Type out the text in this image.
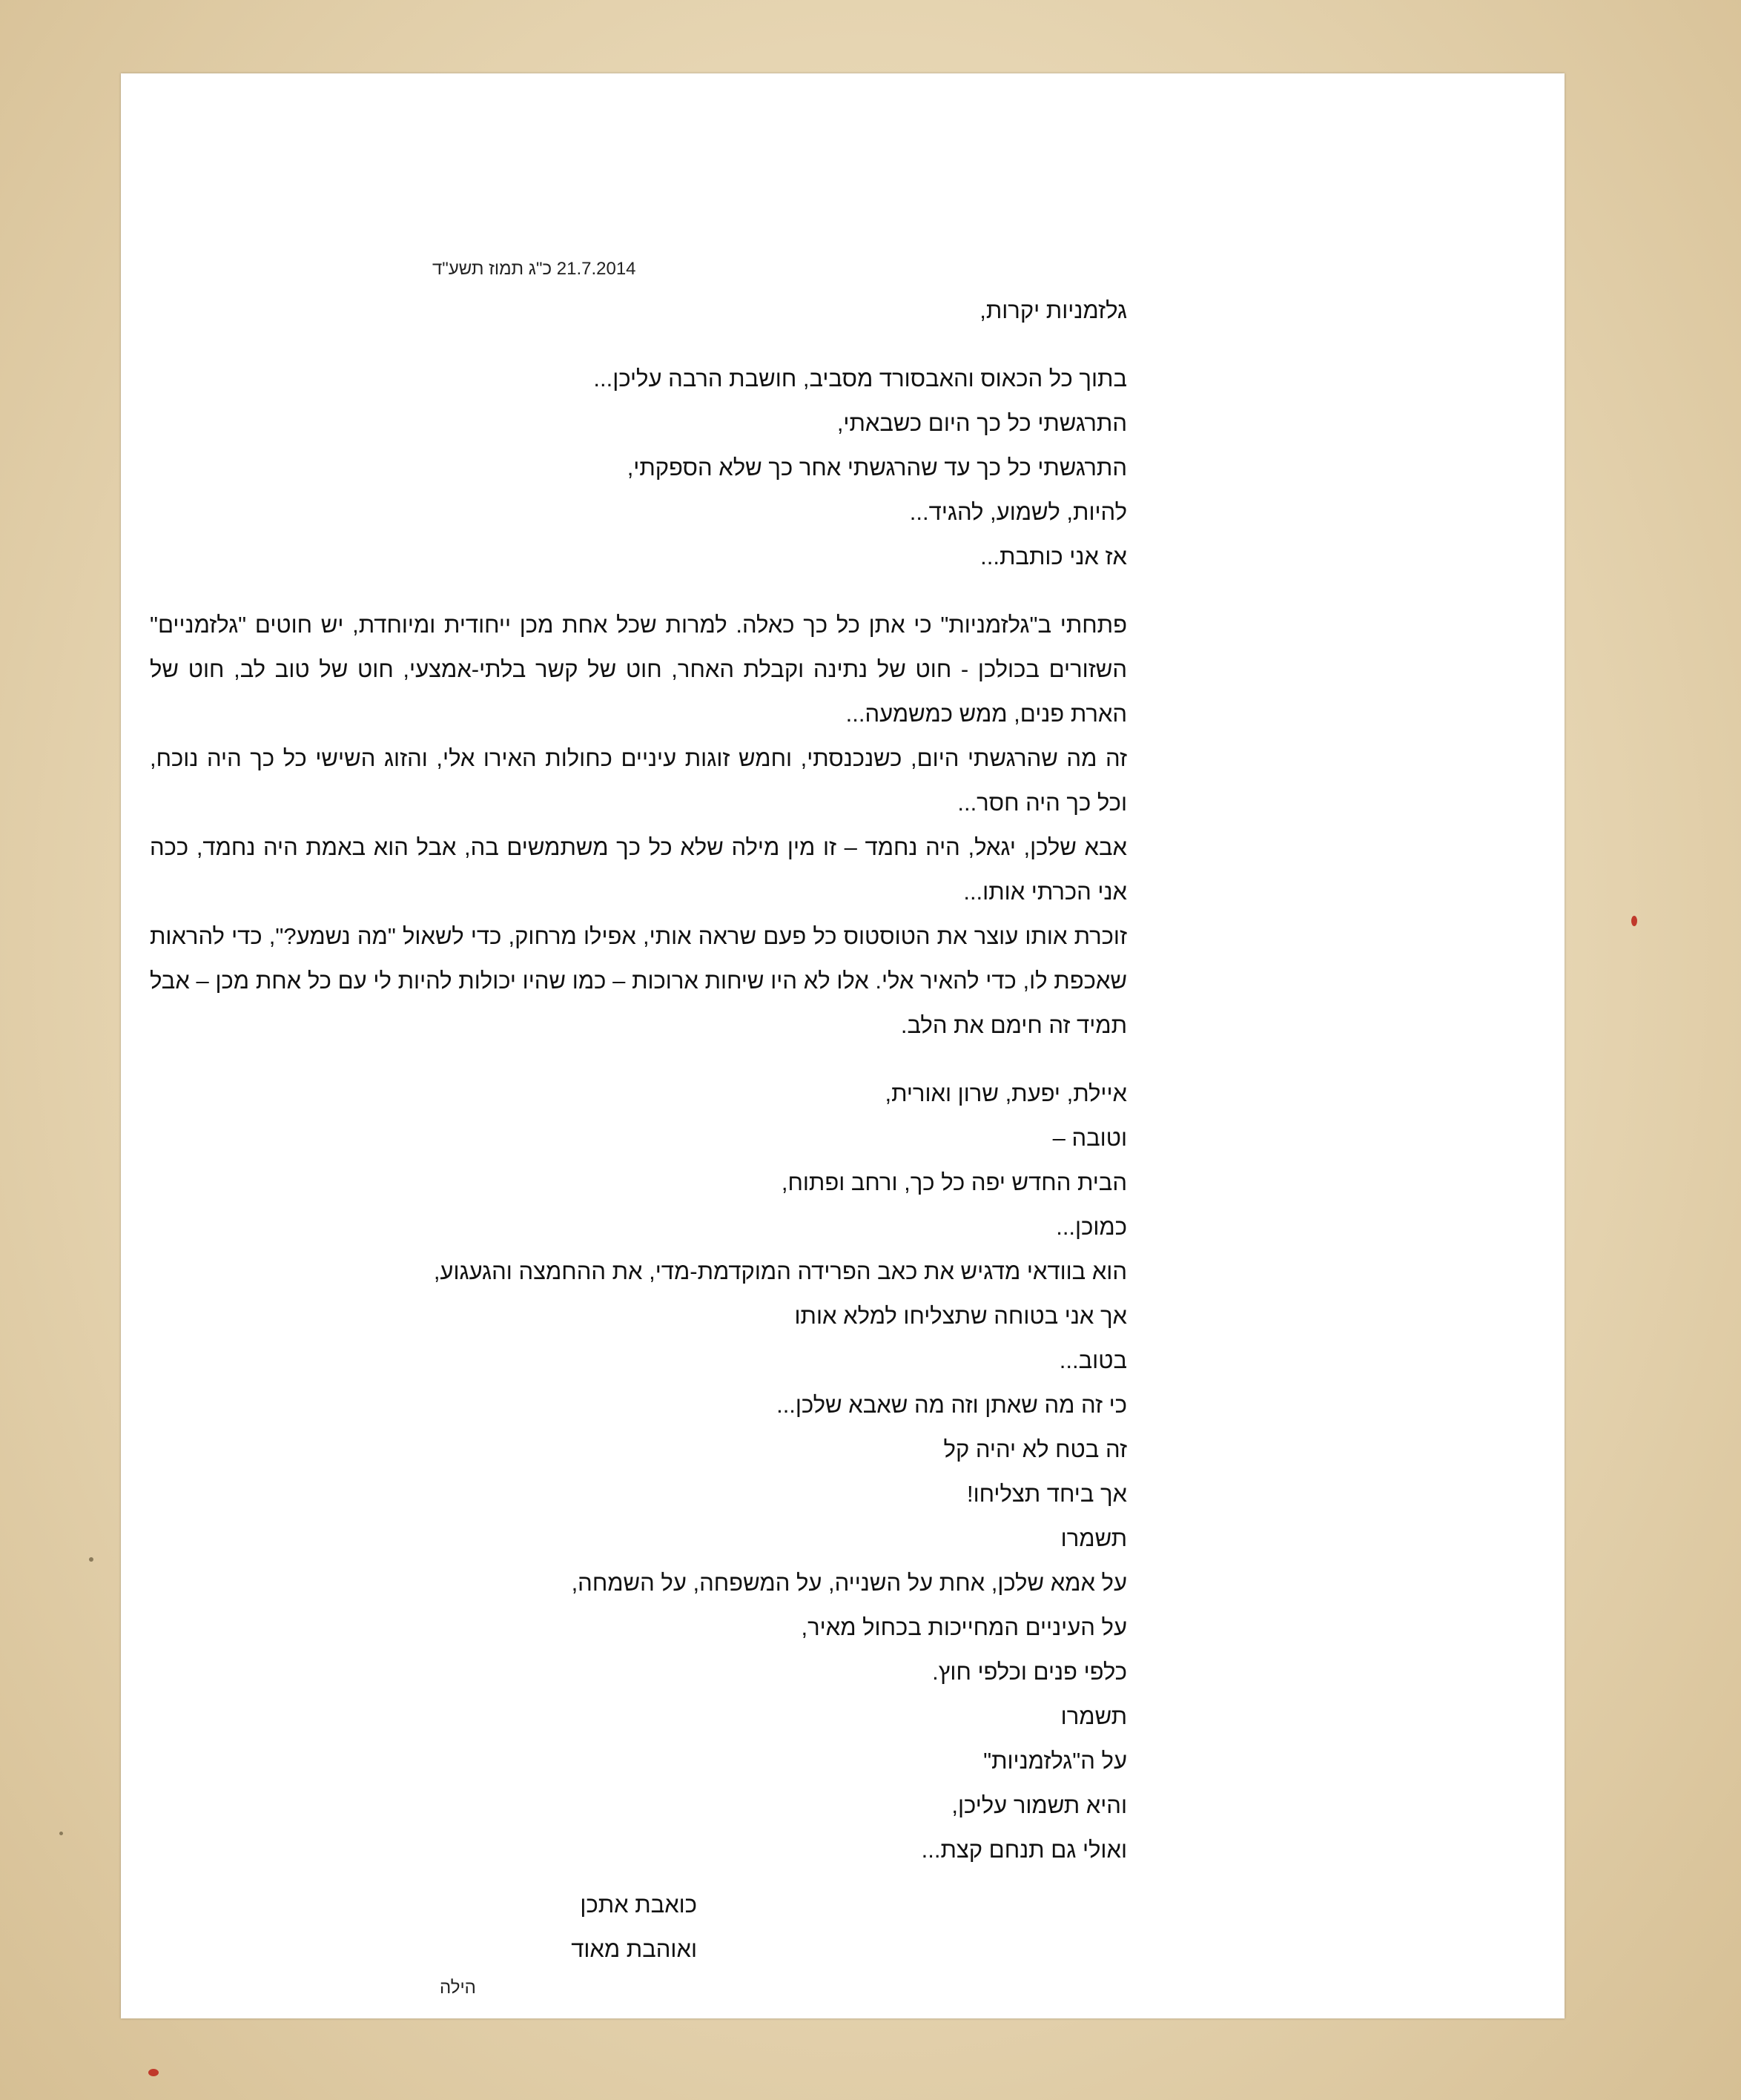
כ"ג תמוז תשע"ד 21.7.2014

גלזמניות יקרות,

בתוך כל הכאוס והאבסורד מסביב, חושבת הרבה עליכן...

התרגשתי כל כך היום כשבאתי,

התרגשתי כל כך עד שהרגשתי אחר כך שלא הספקתי,

להיות, לשמוע, להגיד...

אז אני כותבת...

פתחתי ב"גלזמניות" כי אתן כל כך כאלה. למרות שכל אחת מכן ייחודית ומיוחדת, יש חוטים "גלזמניים" השזורים בכולכן - חוט של נתינה וקבלת האחר, חוט של קשר בלתי-אמצעי, חוט של טוב לב, חוט של הארת פנים, ממש כמשמעה...

זה מה שהרגשתי היום, כשנכנסתי, וחמש זוגות עיניים כחולות האירו אלי, והזוג השישי כל כך היה נוכח, וכל כך היה חסר...

אבא שלכן, יגאל, היה נחמד – זו מין מילה שלא כל כך משתמשים בה, אבל הוא באמת היה נחמד, ככה אני הכרתי אותו...

זוכרת אותו עוצר את הטוסטוס כל פעם שראה אותי, אפילו מרחוק, כדי לשאול "מה נשמע?", כדי להראות שאכפת לו, כדי להאיר אלי. אלו לא היו שיחות ארוכות – כמו שהיו יכולות להיות לי עם כל אחת מכן – אבל תמיד זה חימם את הלב.

איילת, יפעת, שרון ואורית,

וטובה –

הבית החדש יפה כל כך, ורחב ופתוח,

כמוכן...

הוא בוודאי מדגיש את כאב הפרידה המוקדמת-מדי, את ההחמצה והגעגוע,

אך אני בטוחה שתצליחו למלא אותו

בטוב...

כי זה מה שאתן וזה מה שאבא שלכן...

זה בטח לא יהיה קל

אך ביחד תצליחו!

תשמרו

על אמא שלכן, אחת על השנייה, על המשפחה, על השמחה,

על העיניים המחייכות בכחול מאיר,

כלפי פנים וכלפי חוץ.

תשמרו

על ה"גלזמניות"

והיא תשמור עליכן,

ואולי גם תנחם קצת...

כואבת אתכן

ואוהבת מאוד

הילה
